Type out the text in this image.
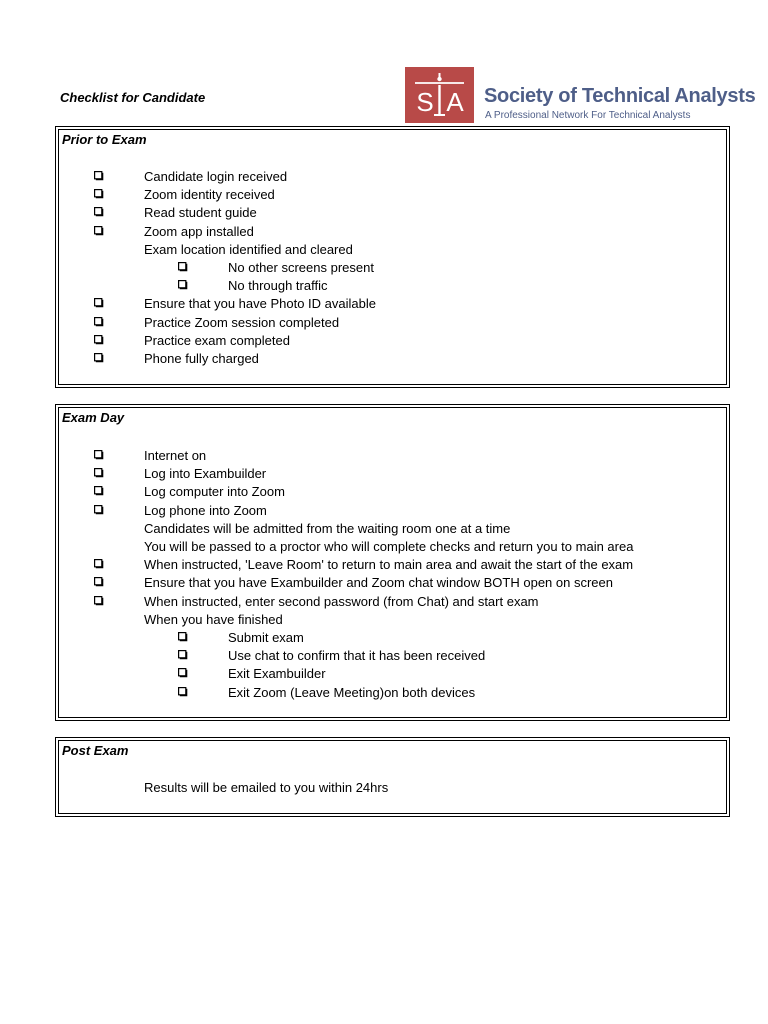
Checklist for Candidate	S A Society of Technical Analysts
A Professional Network For Technical Analysts
Prior to Exam
Candidate login received
Zoom identity received
Read student guide
Zoom app installed
Exam location identified and cleared
No other screens present
No through traffic
Ensure that you have Photo ID available
Practice Zoom session completed
Practice exam completed
Phone fully charged
Exam Day
Internet on
Log into Exambuilder
Log computer into Zoom
Log phone into Zoom
Candidates will be admitted from the waiting room one at a time
You will be passed to a proctor who will complete checks and return you to main area
When instructed, 'Leave Room' to return to main area and await the start of the exam
Ensure that you have Exambuilder and Zoom chat window BOTH open on screen
When instructed, enter second password (from Chat) and start exam
When you have finished
Submit exam
Use chat to confirm that it has been received
Exit Exambuilder
Exit Zoom (Leave Meeting)on both devices
Post Exam
Results will be emailed to you within 24hrs
